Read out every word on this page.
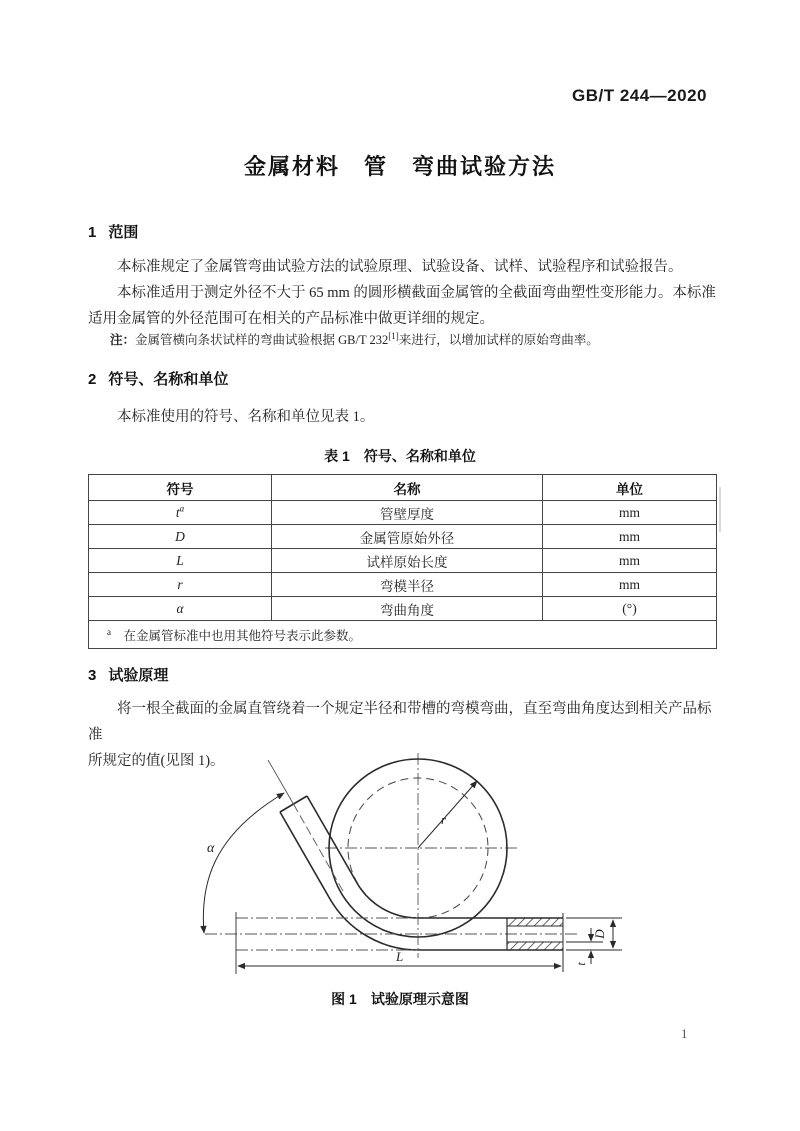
GB/T 244—2020
金属材料　管　弯曲试验方法
1 范围
本标准规定了金属管弯曲试验方法的试验原理、试验设备、试样、试验程序和试验报告。
本标准适用于测定外径不大于 65 mm 的圆形横截面金属管的全截面弯曲塑性变形能力。本标准
适用金属管的外径范围可在相关的产品标准中做更详细的规定。
注：金属管横向条状试样的弯曲试验根据 GB/T 232[1]来进行，以增加试样的原始弯曲率。
2 符号、名称和单位
本标准使用的符号、名称和单位见表 1。
表 1　符号、名称和单位
符号	名称	单位
$t^a$	管壁厚度	mm
D	金属管原始外径	mm
L	试样原始长度	mm
r	弯模半径	mm
α	弯曲角度	(°)
$^a$　在金属管标准中也用其他符号表示此参数。		
3 试验原理
将一根全截面的金属直管绕着一个规定半径和带槽的弯模弯曲，直至弯曲角度达到相关产品标准
所规定的值(见图 1)。
r
α
L
D
t
图 1　试验原理示意图
1
